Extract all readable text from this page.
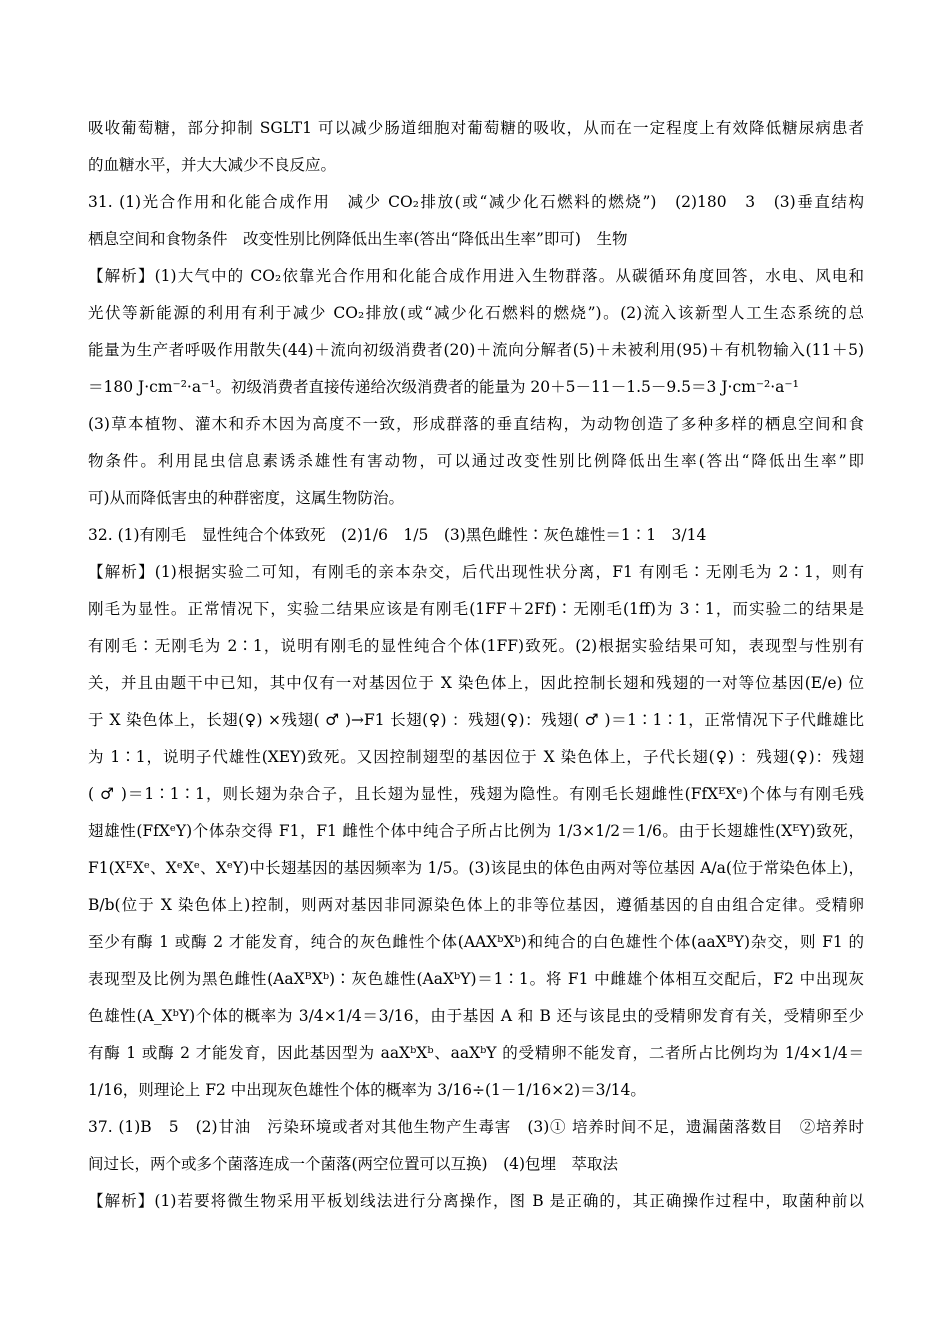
吸收葡萄糖，部分抑制 SGLT1 可以减少肠道细胞对葡萄糖的吸收，从而在一定程度上有效降低糖尿病患者
的血糖水平，并大大减少不良反应。
31. (1)光合作用和化能合成作用　减少 CO₂排放(或“减少化石燃料的燃烧”)　(2)180　3　(3)垂直结构
栖息空间和食物条件　改变性别比例降低出生率(答出“降低出生率”即可)　生物
【解析】(1)大气中的 CO₂依靠光合作用和化能合成作用进入生物群落。从碳循环角度回答，水电、风电和
光伏等新能源的利用有利于减少 CO₂排放(或“减少化石燃料的燃烧”)。(2)流入该新型人工生态系统的总
能量为生产者呼吸作用散失(44)＋流向初级消费者(20)＋流向分解者(5)＋未被利用(95)＋有机物输入(11＋5)
＝180 J·cm⁻²·a⁻¹。初级消费者直接传递给次级消费者的能量为 20＋5－11－1.5－9.5＝3 J·cm⁻²·a⁻¹
(3)草本植物、灌木和乔木因为高度不一致，形成群落的垂直结构，为动物创造了多种多样的栖息空间和食
物条件。利用昆虫信息素诱杀雄性有害动物，可以通过改变性别比例降低出生率(答出“降低出生率”即
可)从而降低害虫的种群密度，这属生物防治。
32. (1)有刚毛　显性纯合个体致死　(2)1/6　1/5　(3)黑色雌性∶灰色雄性＝1∶1　3/14
【解析】(1)根据实验二可知，有刚毛的亲本杂交，后代出现性状分离，F1 有刚毛∶无刚毛为 2∶1，则有
刚毛为显性。正常情况下，实验二结果应该是有刚毛(1FF＋2Ff)∶无刚毛(1ff)为 3∶1，而实验二的结果是
有刚毛∶无刚毛为 2∶1，说明有刚毛的显性纯合个体(1FF)致死。(2)根据实验结果可知，表现型与性别有
关，并且由题干中已知，其中仅有一对基因位于 X 染色体上，因此控制长翅和残翅的一对等位基因(E/e) 位
于 X 染色体上，长翅(♀) ×残翅( ♂ )→F1 长翅(♀) ：残翅(♀)：残翅( ♂ )＝1∶1∶1，正常情况下子代雌雄比
为 1∶1，说明子代雄性(XEY)致死。又因控制翅型的基因位于 X 染色体上，子代长翅(♀) ：残翅(♀)：残翅
( ♂ )＝1∶1∶1，则长翅为杂合子，且长翅为显性，残翅为隐性。有刚毛长翅雌性(FfXᴱXᵉ)个体与有刚毛残
翅雄性(FfXᵉY)个体杂交得 F1，F1 雌性个体中纯合子所占比例为 1/3×1/2＝1/6。由于长翅雄性(XᴱY)致死，
F1(XᴱXᵉ、XᵉXᵉ、XᵉY)中长翅基因的基因频率为 1/5。(3)该昆虫的体色由两对等位基因 A/a(位于常染色体上)，
B/b(位于 X 染色体上)控制，则两对基因非同源染色体上的非等位基因，遵循基因的自由组合定律。受精卵
至少有酶 1 或酶 2 才能发育，纯合的灰色雌性个体(AAXᵇXᵇ)和纯合的白色雄性个体(aaXᴮY)杂交，则 F1 的
表现型及比例为黑色雌性(AaXᴮXᵇ)∶灰色雄性(AaXᵇY)＝1∶1。将 F1 中雌雄个体相互交配后，F2 中出现灰
色雄性(A_XᵇY)个体的概率为 3/4×1/4＝3/16，由于基因 A 和 B 还与该昆虫的受精卵发育有关，受精卵至少
有酶 1 或酶 2 才能发育，因此基因型为 aaXᵇXᵇ、aaXᵇY 的受精卵不能发育，二者所占比例均为 1/4×1/4＝
1/16，则理论上 F2 中出现灰色雄性个体的概率为 3/16÷(1－1/16×2)＝3/14。
37. (1)B　5　(2)甘油　污染环境或者对其他生物产生毒害　(3)① 培养时间不足，遗漏菌落数目　②培养时
间过长，两个或多个菌落连成一个菌落(两空位置可以互换)　(4)包埋　萃取法
【解析】(1)若要将微生物采用平板划线法进行分离操作，图 B 是正确的，其正确操作过程中，取菌种前以
